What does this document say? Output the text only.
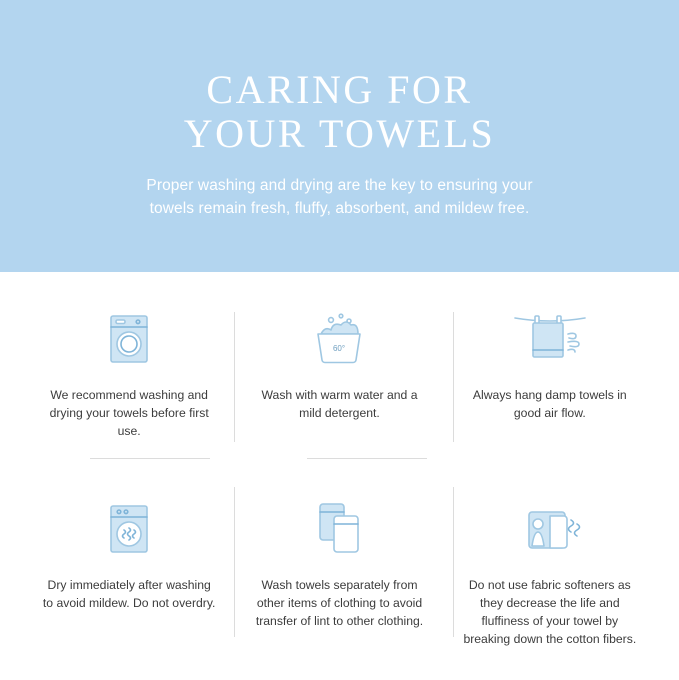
CARING FOR
YOUR TOWELS
Proper washing and drying are the key to ensuring your towels remain fresh, fluffy, absorbent, and mildew free.
We recommend washing and drying your towels before first use.
60°
Wash with warm water and a mild detergent.
Always hang damp towels in good air flow.
Dry immediately after washing to avoid mildew. Do not overdry.
Wash towels separately from other items of clothing to avoid transfer of lint to other clothing.
Do not use fabric softeners as they decrease the life and fluffiness of your towel by breaking down the cotton fibers.
